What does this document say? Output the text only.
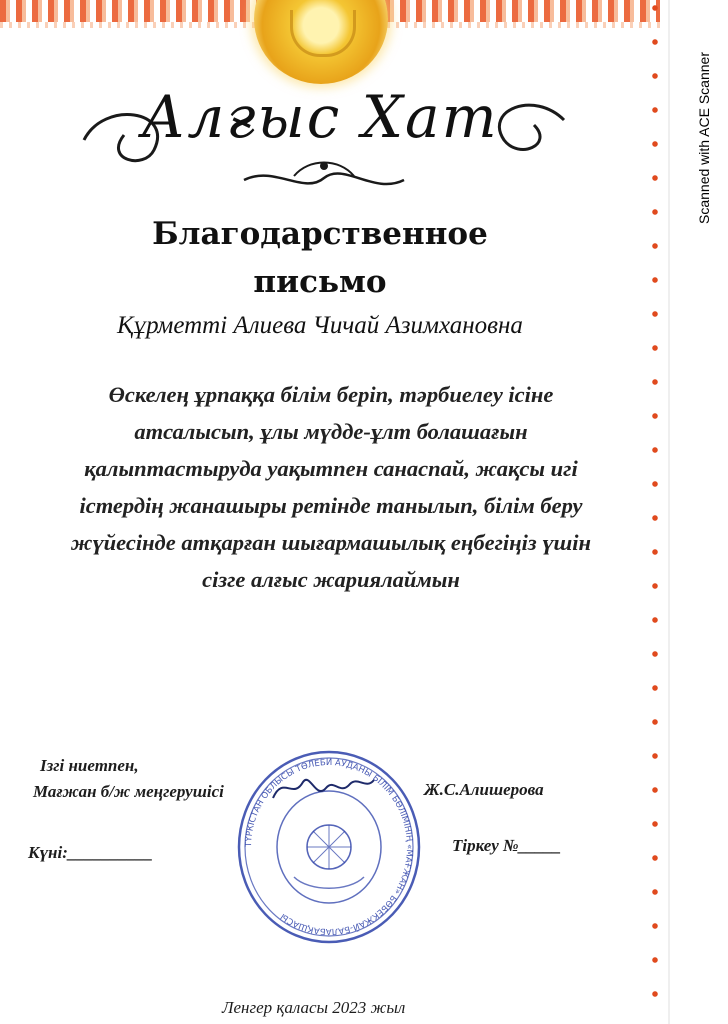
Scanned with ACE Scanner
Алғыс Хат
Благодарственное
письмо
Құрметті Алиева Чичай Азимхановна
Өскелең ұрпаққа білім беріп, тәрбиелеу ісіне
атсалысып, ұлы мүдде-ұлт болашағын
қалыптастыруда уақытпен санаспай, жақсы игі
істердің жанашыры ретінде танылып, білім беру
жүйесінде атқарған шығармашылық еңбегіңіз үшін
сізге алғыс жариялаймын
ТҮРКІСТАН ОБЛЫСЫ ТӨЛЕБИ АУДАНЫ БІЛІМ БӨЛІМІНІҢ «МАҒЖАН» БӨБЕКЖАЙ-БАЛАБАҚШАСЫ
Ізгі ниетпен,
Мағжан б/ж меңгерушісі	Ж.С.Алишерова
Күні:__________	Тіркеу №_____
Ленгер қаласы 2023 жыл
